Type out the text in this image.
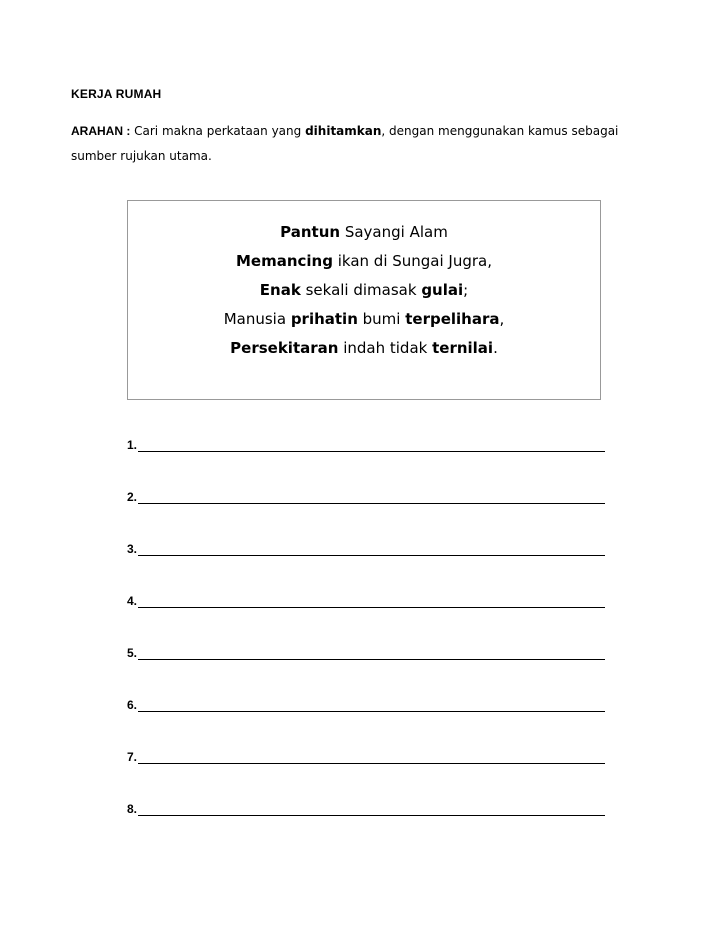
KERJA RUMAH
ARAHAN : Cari makna perkataan yang dihitamkan, dengan menggunakan kamus sebagai sumber rujukan utama.
Pantun Sayangi Alam
Memancing ikan di Sungai Jugra,
Enak sekali dimasak gulai;
Manusia prihatin bumi terpelihara,
Persekitaran indah tidak ternilai.
1.
2.
3.
4.
5.
6.
7.
8.
